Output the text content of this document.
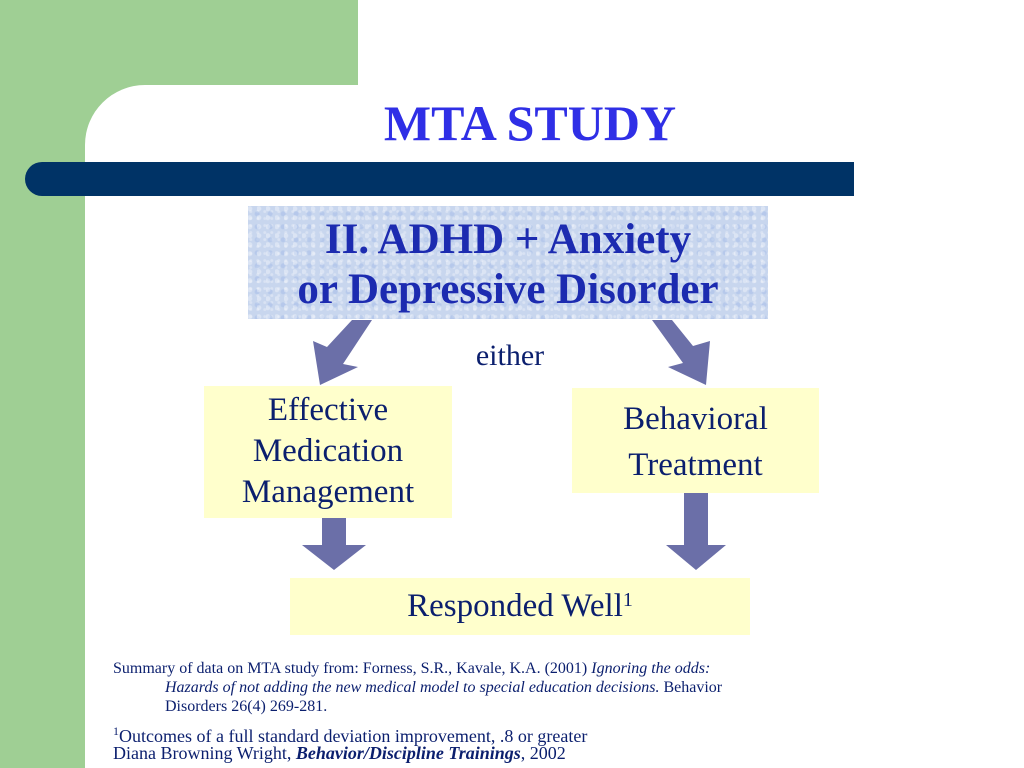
MTA STUDY
II. ADHD + Anxiety
or Depressive Disorder
either
Effective
Medication
Management
Behavioral
Treatment
Responded Well$^1$
Summary of data on MTA study from: Forness, S.R., Kavale, K.A. (2001) Ignoring the odds:
Hazards of not adding the new medical model to special education decisions. Behavior
Disorders 26(4) 269-281.
$^1$Outcomes of a full standard deviation improvement, .8 or greater
Diana Browning Wright, Behavior/Discipline Trainings, 2002
